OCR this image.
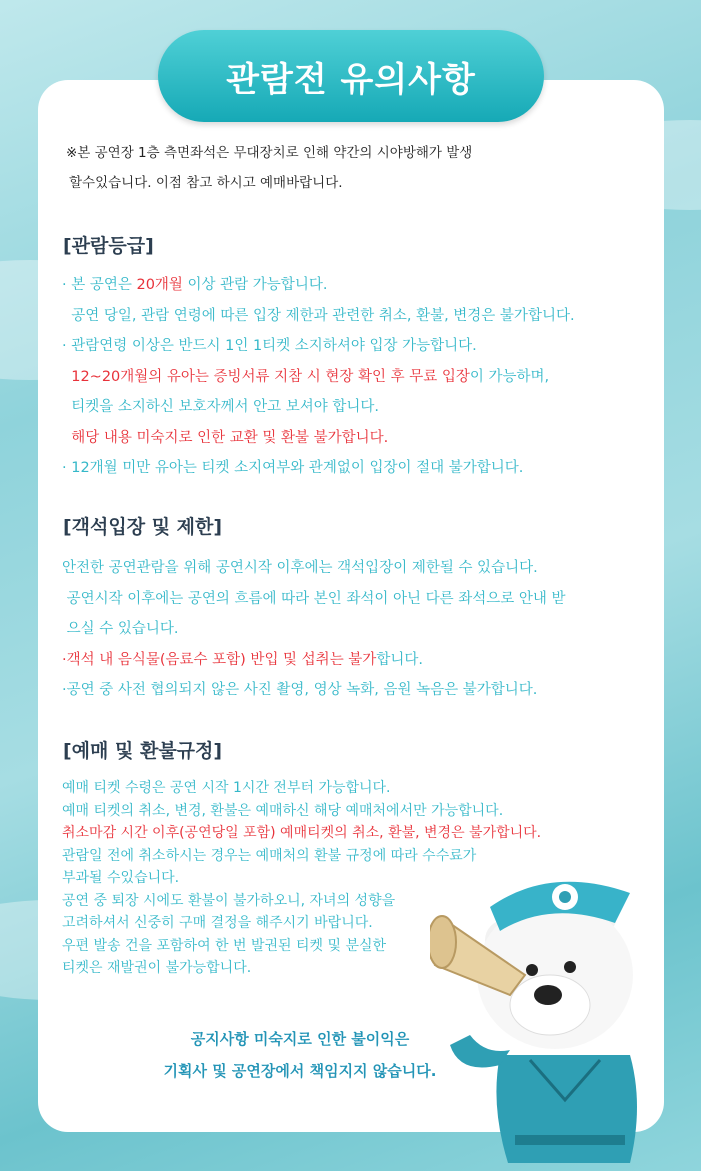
관람전 유의사항
※본 공연장 1층 측면좌석은 무대장치로 인해 약간의 시야방해가 발생
할수있습니다. 이점 참고 하시고 예매바랍니다.
[관람등급]
· 본 공연은 20개월 이상 관람 가능합니다.
공연 당일, 관람 연령에 따른 입장 제한과 관련한 취소, 환불, 변경은 불가합니다.
· 관람연령 이상은 반드시 1인 1티켓 소지하셔야 입장 가능합니다.
12~20개월의 유아는 증빙서류 지참 시 현장 확인 후 무료 입장이 가능하며,
티켓을 소지하신 보호자께서 안고 보셔야 합니다.
해당 내용 미숙지로 인한 교환 및 환불 불가합니다.
· 12개월 미만 유아는 티켓 소지여부와 관계없이 입장이 절대 불가합니다.
[객석입장 및 제한]
안전한 공연관람을 위해 공연시작 이후에는 객석입장이 제한될 수 있습니다.
공연시작 이후에는 공연의 흐름에 따라 본인 좌석이 아닌 다른 좌석으로 안내 받
으실 수 있습니다.
·객석 내 음식물(음료수 포함) 반입 및 섭취는 불가합니다.
·공연 중 사전 협의되지 않은 사진 촬영, 영상 녹화, 음원 녹음은 불가합니다.
[예매 및 환불규정]
예매 티켓 수령은 공연 시작 1시간 전부터 가능합니다.
예매 티켓의 취소, 변경, 환불은 예매하신 해당 예매처에서만 가능합니다.
취소마감 시간 이후(공연당일 포함) 예매티켓의 취소, 환불, 변경은 불가합니다.
관람일 전에 취소하시는 경우는 예매처의 환불 규정에 따라 수수료가
부과될 수있습니다.
공연 중 퇴장 시에도 환불이 불가하오니, 자녀의 성향을
고려하셔서 신중히 구매 결정을 해주시기 바랍니다.
우편 발송 건을 포함하여 한 번 발권된 티켓 및 분실한
티켓은 재발권이 불가능합니다.
공지사항 미숙지로 인한 불이익은
기획사 및 공연장에서 책임지지 않습니다.
